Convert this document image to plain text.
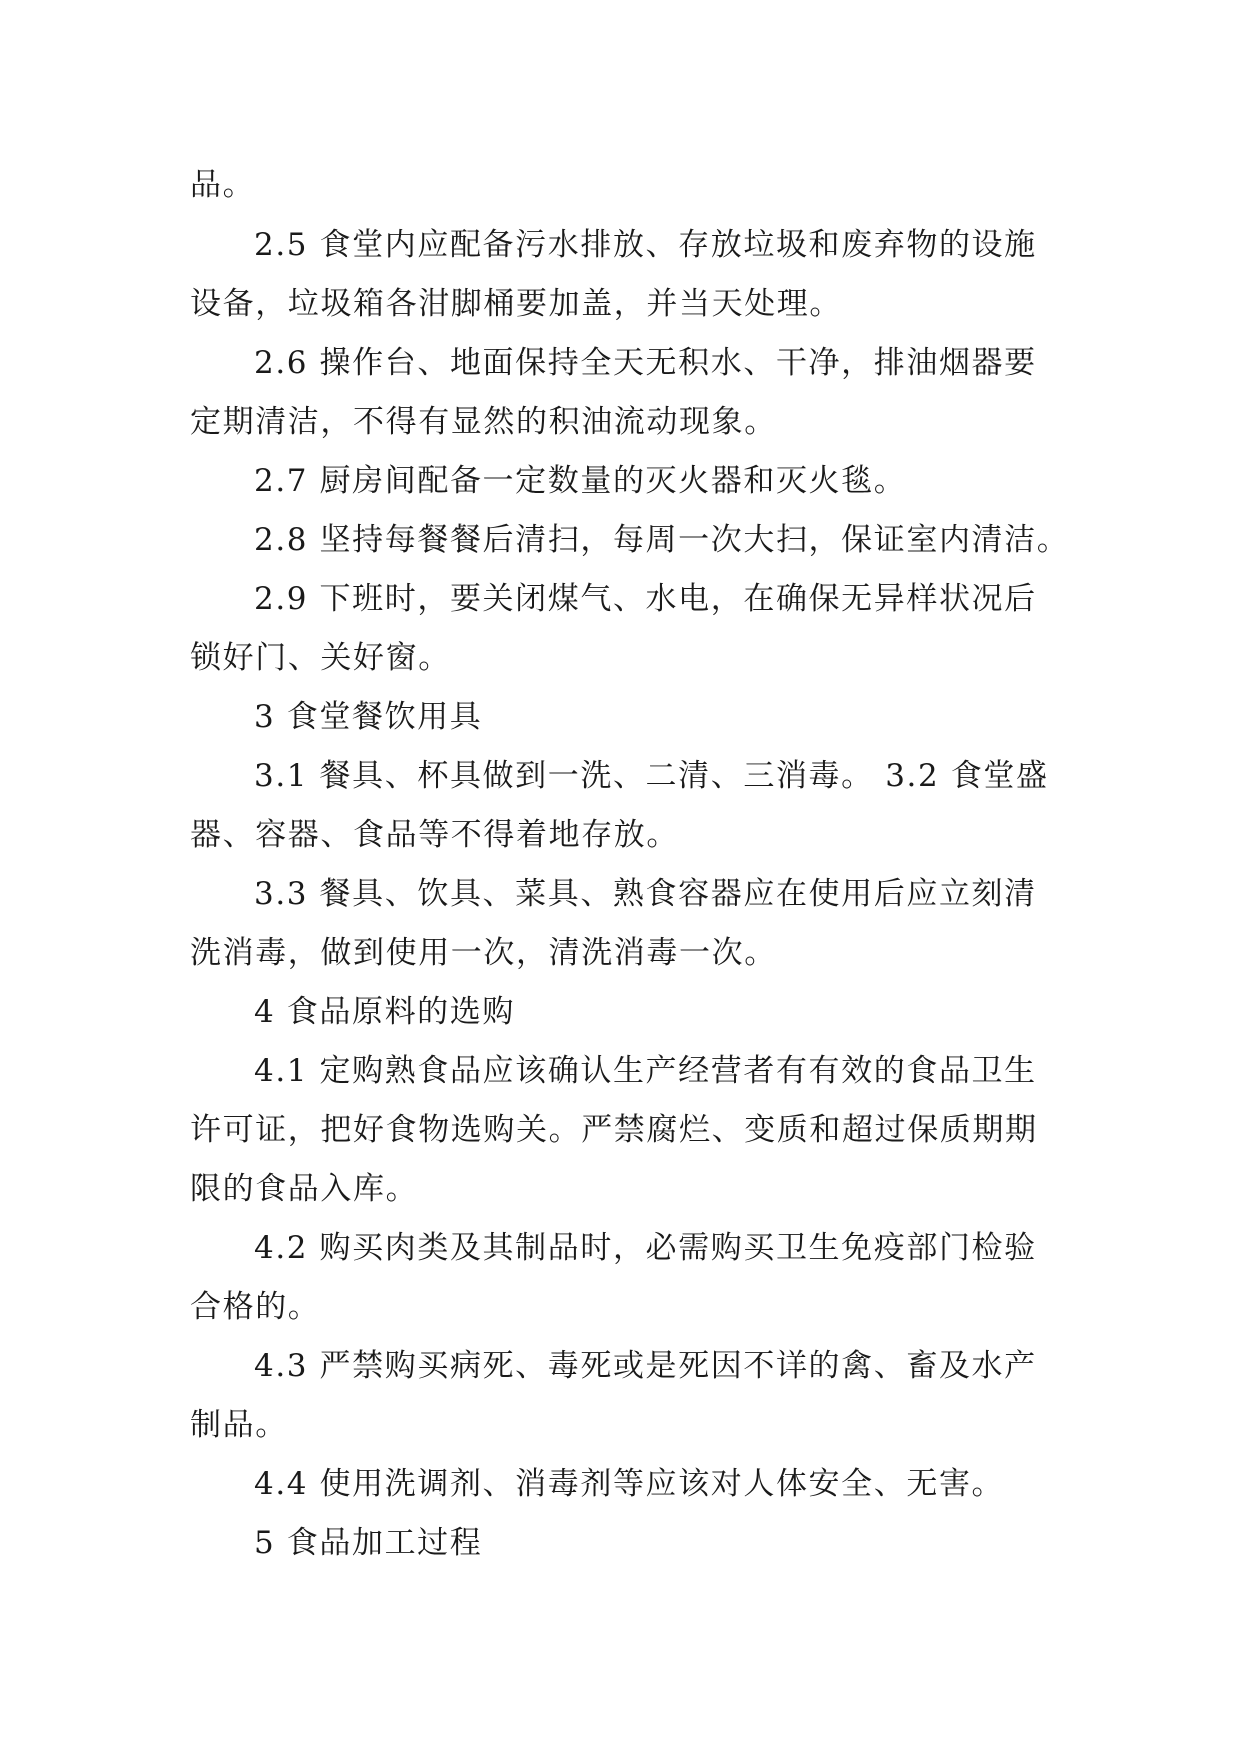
品。
2.5 食堂内应配备污水排放、存放垃圾和废弃物的设施
设备，垃圾箱各泔脚桶要加盖，并当天处理。
2.6 操作台、地面保持全天无积水、干净，排油烟器要
定期清洁，不得有显然的积油流动现象。
2.7 厨房间配备一定数量的灭火器和灭火毯。
2.8 坚持每餐餐后清扫，每周一次大扫，保证室内清洁。
2.9 下班时，要关闭煤气、水电，在确保无异样状况后
锁好门、关好窗。
3 食堂餐饮用具
3.1 餐具、杯具做到一洗、二清、三消毒。 3.2 食堂盛
器、容器、食品等不得着地存放。
3.3 餐具、饮具、菜具、熟食容器应在使用后应立刻清
洗消毒，做到使用一次，清洗消毒一次。
4 食品原料的选购
4.1 定购熟食品应该确认生产经营者有有效的食品卫生
许可证，把好食物选购关。严禁腐烂、变质和超过保质期期
限的食品入库。
4.2 购买肉类及其制品时，必需购买卫生免疫部门检验
合格的。
4.3 严禁购买病死、毒死或是死因不详的禽、畜及水产
制品。
4.4 使用洗调剂、消毒剂等应该对人体安全、无害。
5 食品加工过程
